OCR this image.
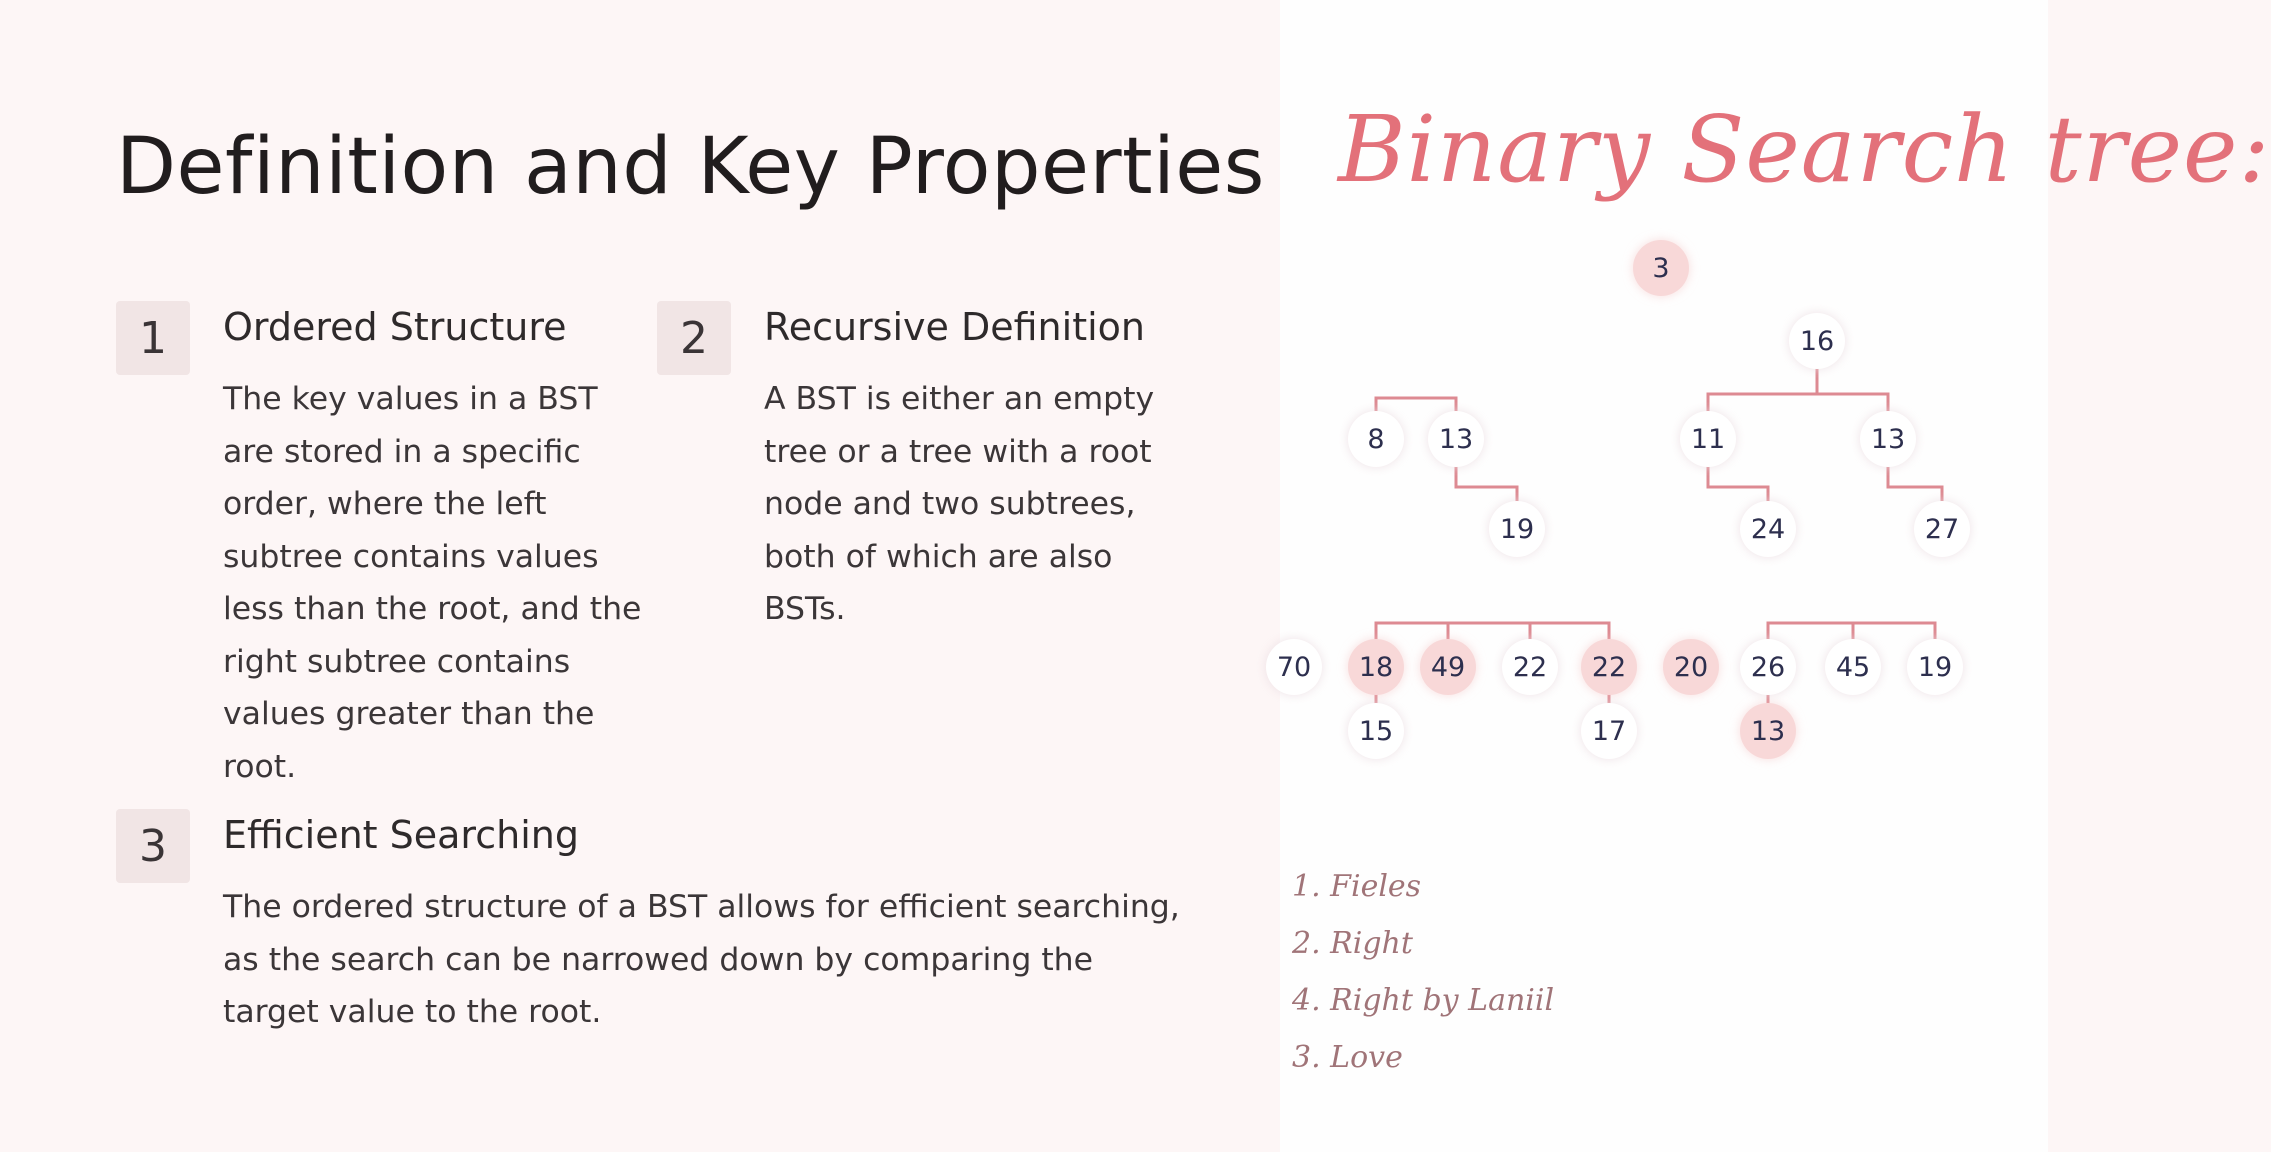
Definition and Key Properties
1	Ordered Structure
The key values in a BST are stored in a specific order, where the left subtree contains values less than the root, and the right subtree contains values greater than the root.
2	Recursive Definition
A BST is either an empty tree or a tree with a root node and two subtrees, both of which are also BSTs.
3	Efficient Searching
The ordered structure of a BST allows for efficient searching, as the search can be narrowed down by comparing the target value to the root.
Binary Search tree:
3
16
8	13	11	13
19	24	27
70	18	49	22	22	20	26	45	19
15	17	13
1. Fieles
2. Right
4. Right by Laniil
3. Love
